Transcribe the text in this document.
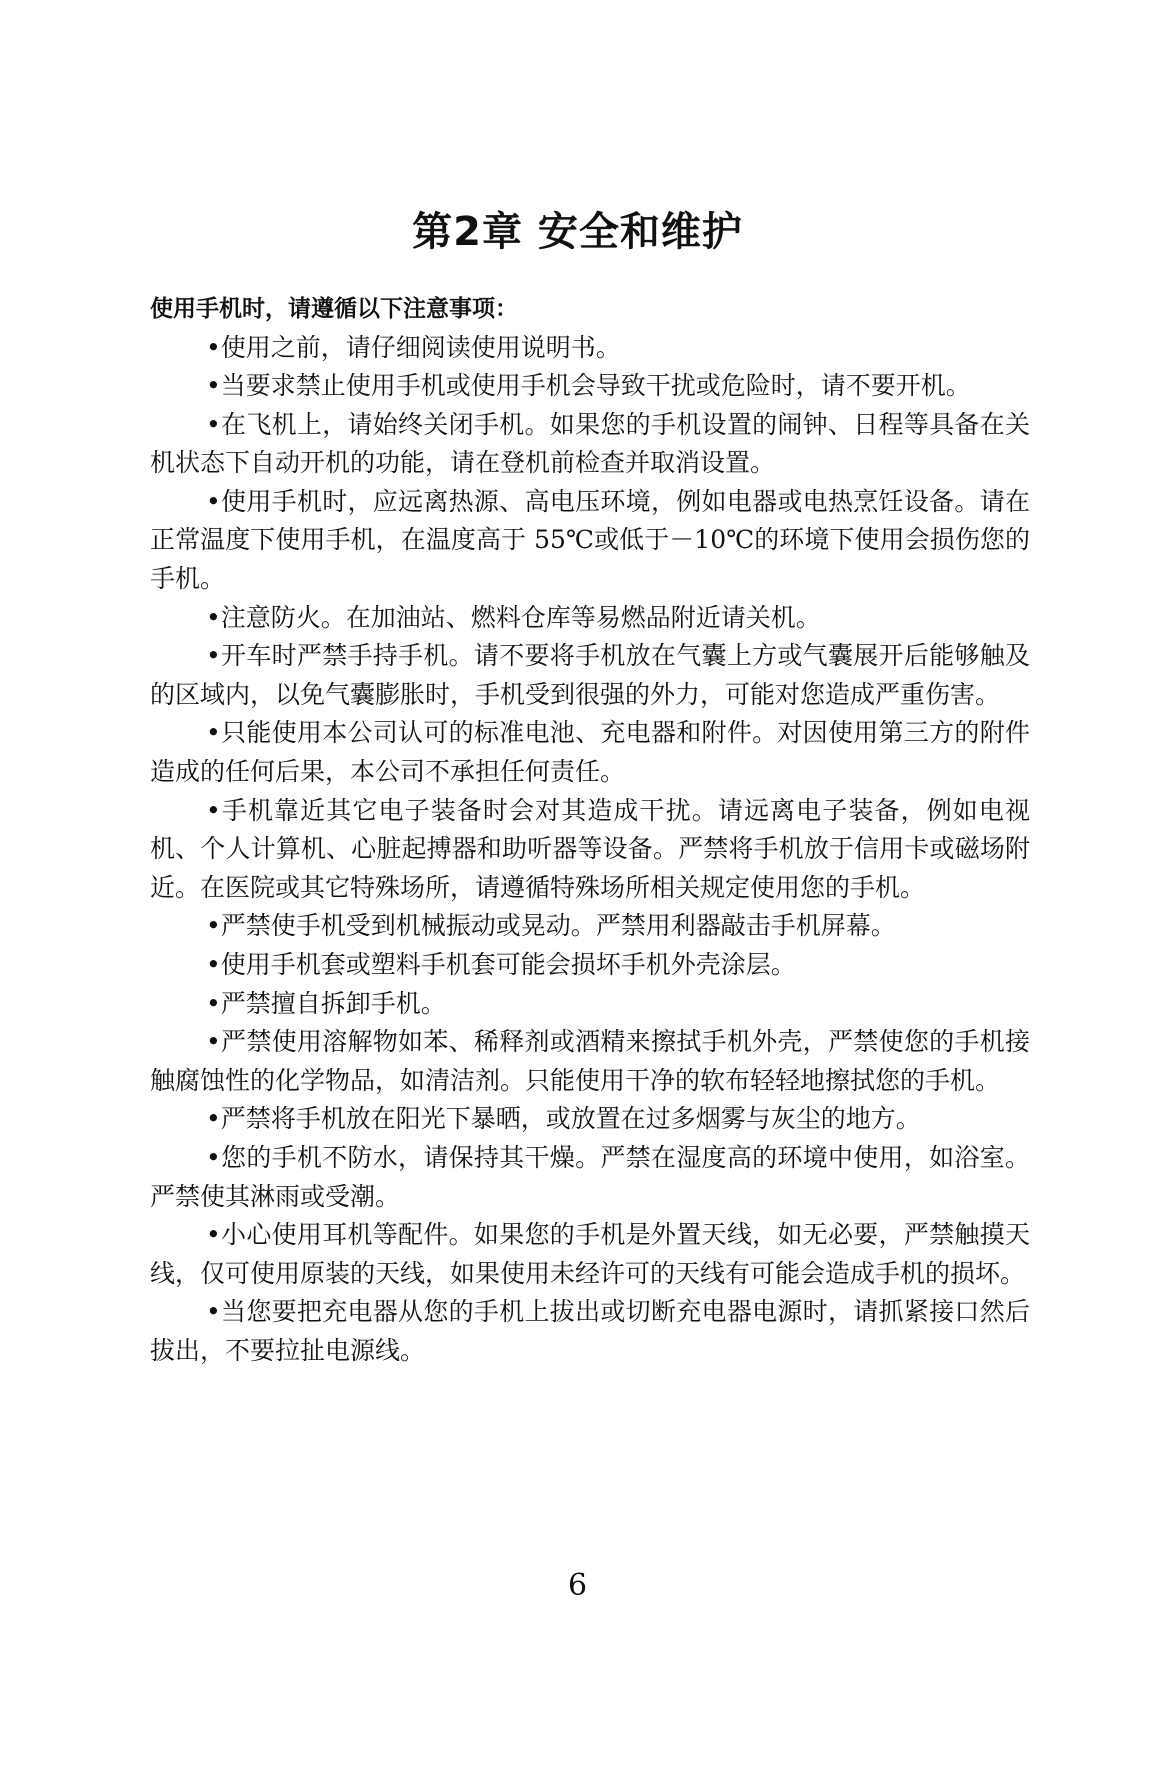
第2章 安全和维护

使用手机时，请遵循以下注意事项：

•使用之前，请仔细阅读使用说明书。

•当要求禁止使用手机或使用手机会导致干扰或危险时，请不要开机。

•在飞机上，请始终关闭手机。如果您的手机设置的闹钟、日程等具备在关机状态下自动开机的功能，请在登机前检查并取消设置。

•使用手机时，应远离热源、高电压环境，例如电器或电热烹饪设备。请在正常温度下使用手机，在温度高于 55℃或低于－10℃的环境下使用会损伤您的手机。

•注意防火。在加油站、燃料仓库等易燃品附近请关机。

•开车时严禁手持手机。请不要将手机放在气囊上方或气囊展开后能够触及的区域内，以免气囊膨胀时，手机受到很强的外力，可能对您造成严重伤害。

•只能使用本公司认可的标准电池、充电器和附件。对因使用第三方的附件造成的任何后果，本公司不承担任何责任。

•手机靠近其它电子装备时会对其造成干扰。请远离电子装备，例如电视机、个人计算机、心脏起搏器和助听器等设备。严禁将手机放于信用卡或磁场附近。在医院或其它特殊场所，请遵循特殊场所相关规定使用您的手机。

•严禁使手机受到机械振动或晃动。严禁用利器敲击手机屏幕。

•使用手机套或塑料手机套可能会损坏手机外壳涂层。

•严禁擅自拆卸手机。

•严禁使用溶解物如苯、稀释剂或酒精来擦拭手机外壳，严禁使您的手机接触腐蚀性的化学物品，如清洁剂。只能使用干净的软布轻轻地擦拭您的手机。

•严禁将手机放在阳光下暴晒，或放置在过多烟雾与灰尘的地方。

•您的手机不防水，请保持其干燥。严禁在湿度高的环境中使用，如浴室。严禁使其淋雨或受潮。

•小心使用耳机等配件。如果您的手机是外置天线，如无必要，严禁触摸天线，仅可使用原装的天线，如果使用未经许可的天线有可能会造成手机的损坏。

•当您要把充电器从您的手机上拔出或切断充电器电源时，请抓紧接口然后拔出，不要拉扯电源线。

6
